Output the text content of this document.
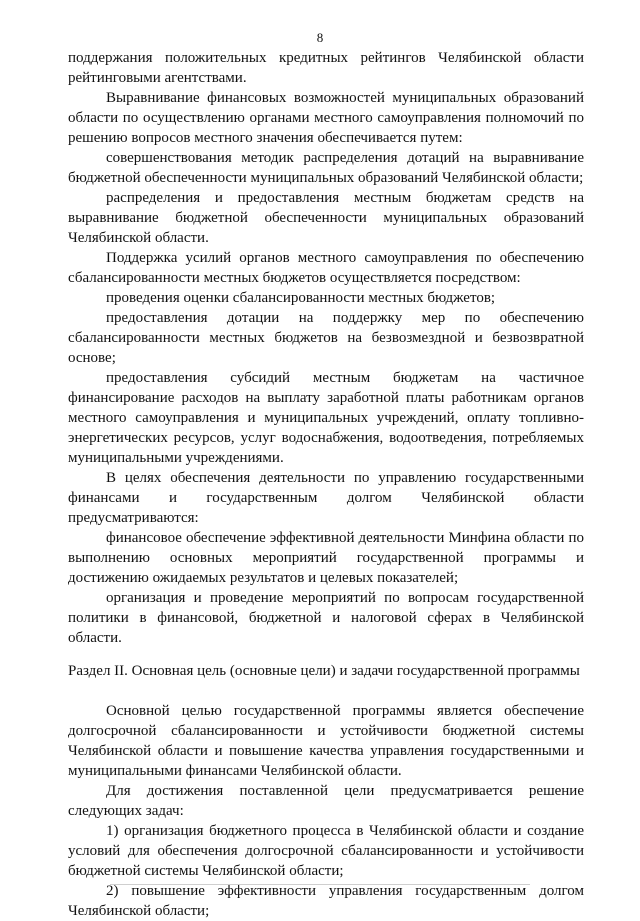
8

поддержания положительных кредитных рейтингов Челябинской области рейтинговыми агентствами.

Выравнивание финансовых возможностей муниципальных образований области по осуществлению органами местного самоуправления полномочий по решению вопросов местного значения обеспечивается путем:

совершенствования методик распределения дотаций на выравнивание бюджетной обеспеченности муниципальных образований Челябинской области;

распределения и предоставления местным бюджетам средств на выравнивание бюджетной обеспеченности муниципальных образований Челябинской области.

Поддержка усилий органов местного самоуправления по обеспечению сбалансированности местных бюджетов осуществляется посредством:

проведения оценки сбалансированности местных бюджетов;

предоставления дотации на поддержку мер по обеспечению сбалансированности местных бюджетов на безвозмездной и безвозвратной основе;

предоставления субсидий местным бюджетам на частичное финансирование расходов на выплату заработной платы работникам органов местного самоуправления и муниципальных учреждений, оплату топливно-энергетических ресурсов, услуг водоснабжения, водоотведения, потребляемых муниципальными учреждениями.

В целях обеспечения деятельности по управлению государственными финансами и государственным долгом Челябинской области предусматриваются:

финансовое обеспечение эффективной деятельности Минфина области по выполнению основных мероприятий государственной программы и достижению ожидаемых результатов и целевых показателей;

организация и проведение мероприятий по вопросам государственной политики в финансовой, бюджетной и налоговой сферах в Челябинской области.

Раздел II. Основная цель (основные цели) и задачи государственной программы

Основной целью государственной программы является обеспечение долгосрочной сбалансированности и устойчивости бюджетной системы Челябинской области и повышение качества управления государственными и муниципальными финансами Челябинской области.

Для достижения поставленной цели предусматривается решение следующих задач:

1) организация бюджетного процесса в Челябинской области и создание условий для обеспечения долгосрочной сбалансированности и устойчивости бюджетной системы Челябинской области;

2) повышение эффективности управления государственным долгом Челябинской области;
